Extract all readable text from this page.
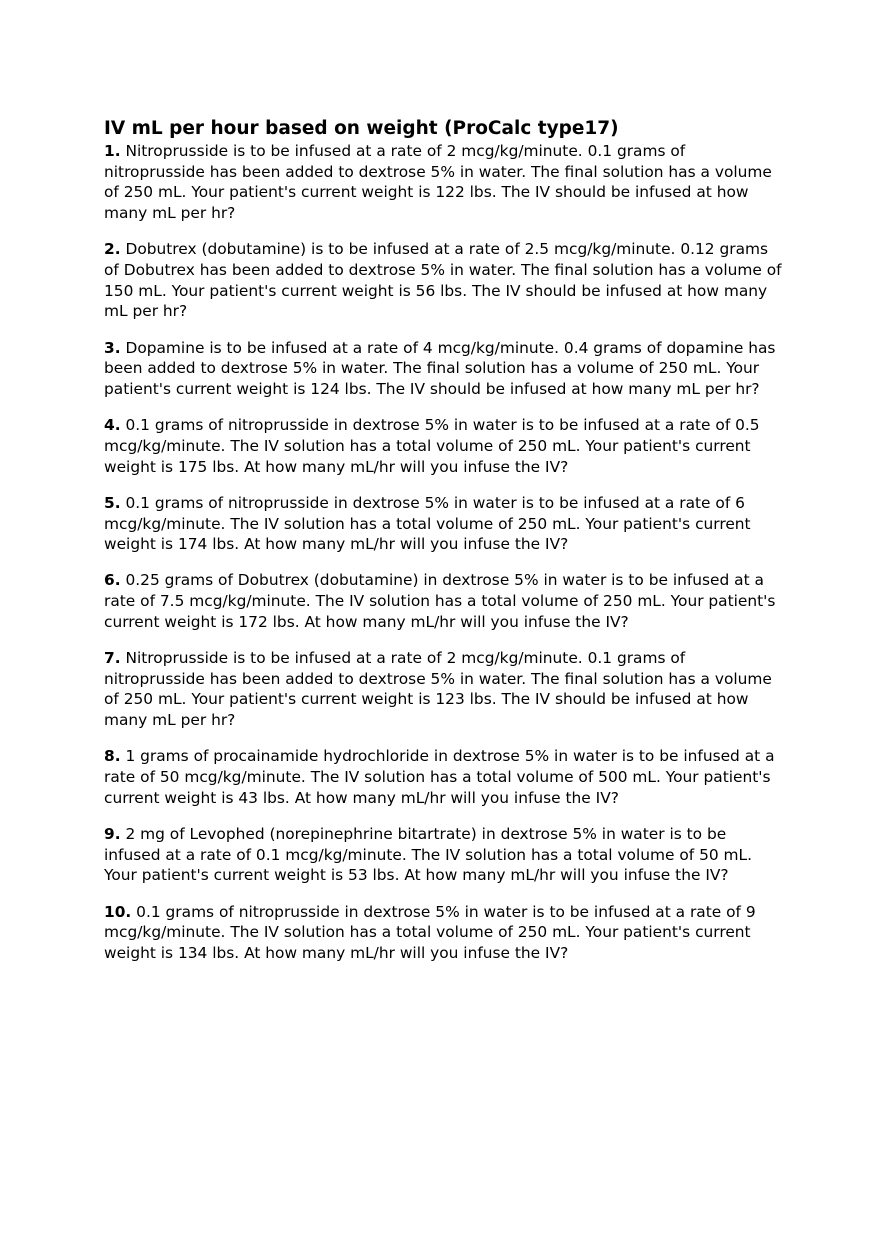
IV mL per hour based on weight (ProCalc type17)

1. Nitroprusside is to be infused at a rate of 2 mcg/kg/minute. 0.1 grams of nitroprusside has been added to dextrose 5% in water. The final solution has a volume of 250 mL. Your patient's current weight is 122 lbs. The IV should be infused at how many mL per hr?

2. Dobutrex (dobutamine) is to be infused at a rate of 2.5 mcg/kg/minute. 0.12 grams of Dobutrex has been added to dextrose 5% in water. The final solution has a volume of 150 mL. Your patient's current weight is 56 lbs. The IV should be infused at how many mL per hr?

3. Dopamine is to be infused at a rate of 4 mcg/kg/minute. 0.4 grams of dopamine has been added to dextrose 5% in water. The final solution has a volume of 250 mL. Your patient's current weight is 124 lbs. The IV should be infused at how many mL per hr?

4. 0.1 grams of nitroprusside in dextrose 5% in water is to be infused at a rate of 0.5 mcg/kg/minute. The IV solution has a total volume of 250 mL. Your patient's current weight is 175 lbs. At how many mL/hr will you infuse the IV?

5. 0.1 grams of nitroprusside in dextrose 5% in water is to be infused at a rate of 6 mcg/kg/minute. The IV solution has a total volume of 250 mL. Your patient's current weight is 174 lbs. At how many mL/hr will you infuse the IV?

6. 0.25 grams of Dobutrex (dobutamine) in dextrose 5% in water is to be infused at a rate of 7.5 mcg/kg/minute. The IV solution has a total volume of 250 mL. Your patient's current weight is 172 lbs. At how many mL/hr will you infuse the IV?

7. Nitroprusside is to be infused at a rate of 2 mcg/kg/minute. 0.1 grams of nitroprusside has been added to dextrose 5% in water. The final solution has a volume of 250 mL. Your patient's current weight is 123 lbs. The IV should be infused at how many mL per hr?

8. 1 grams of procainamide hydrochloride in dextrose 5% in water is to be infused at a rate of 50 mcg/kg/minute. The IV solution has a total volume of 500 mL. Your patient's current weight is 43 lbs. At how many mL/hr will you infuse the IV?

9. 2 mg of Levophed (norepinephrine bitartrate) in dextrose 5% in water is to be infused at a rate of 0.1 mcg/kg/minute. The IV solution has a total volume of 50 mL. Your patient's current weight is 53 lbs. At how many mL/hr will you infuse the IV?

10. 0.1 grams of nitroprusside in dextrose 5% in water is to be infused at a rate of 9 mcg/kg/minute. The IV solution has a total volume of 250 mL. Your patient's current weight is 134 lbs. At how many mL/hr will you infuse the IV?
